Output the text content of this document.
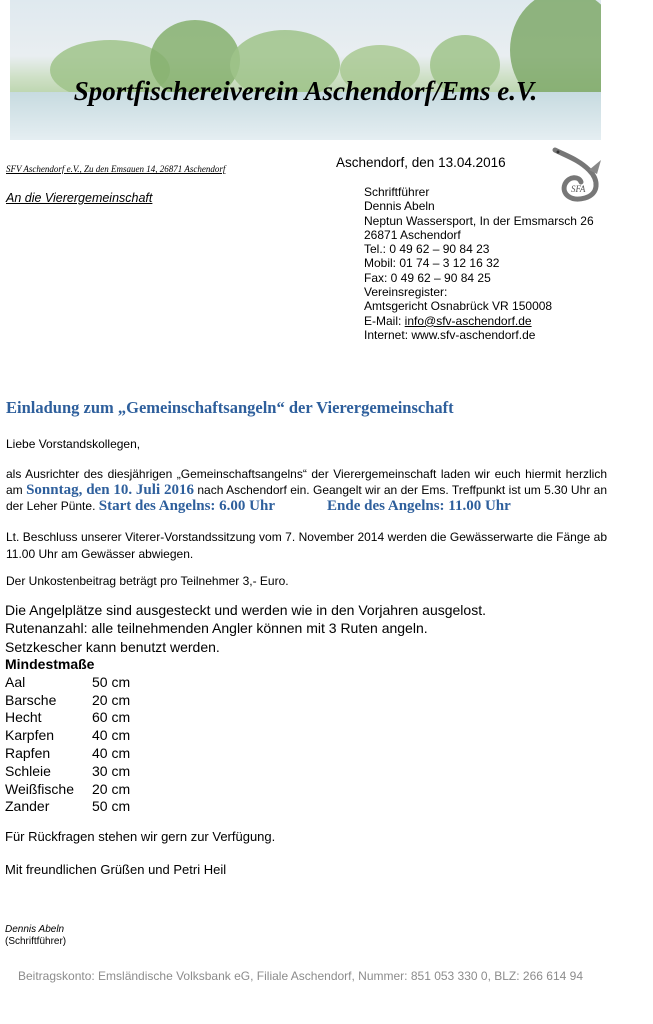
Sportfischereiverein Aschendorf/Ems e.V.
SFV Aschendorf e.V., Zu den Emsauen 14, 26871 Aschendorf	Aschendorf, den 13.04.2016
An die Vierergemeinschaft
SFA
Schriftführer
Dennis Abeln
Neptun Wassersport, In der Emsmarsch 26
26871 Aschendorf
Tel.: 0 49 62 – 90 84 23
Mobil: 01 74 – 3 12 16 32
Fax: 0 49 62 – 90 84 25
Vereinsregister:
Amtsgericht Osnabrück VR 150008
E-Mail: info@sfv-aschendorf.de
Internet: www.sfv-aschendorf.de
Einladung zum „Gemeinschaftsangeln“ der Vierergemeinschaft
Liebe Vorstandskollegen,
als Ausrichter des diesjährigen „Gemeinschaftsangelns“ der Vierergemeinschaft laden wir euch hiermit herzlich am Sonntag, den 10. Juli 2016 nach Aschendorf ein. Geangelt wir an der Ems. Treffpunkt ist um 5.30 Uhr an der Leher Pünte. Start des Angelns: 6.00 Uhr	Ende des Angelns: 11.00 Uhr
Lt. Beschluss unserer Viterer-Vorstandssitzung vom 7. November 2014 werden die Gewässerwarte die Fänge ab 11.00 Uhr am Gewässer abwiegen.
Der Unkostenbeitrag beträgt pro Teilnehmer 3,- Euro.
Die Angelplätze sind ausgesteckt und werden wie in den Vorjahren ausgelost.
Rutenanzahl: alle teilnehmenden Angler können mit 3 Ruten angeln.
Setzkescher kann benutzt werden.
Mindestmaße
Aal	50 cm
Barsche	20 cm
Hecht	60 cm
Karpfen	40 cm
Rapfen	40 cm
Schleie	30 cm
Weißfische	20 cm
Zander	50 cm
Für Rückfragen stehen wir gern zur Verfügung.
Mit freundlichen Grüßen und Petri Heil
Dennis Abeln
(Schriftführer)
Beitragskonto: Emsländische Volksbank eG, Filiale Aschendorf, Nummer: 851 053 330 0, BLZ: 266 614 94
